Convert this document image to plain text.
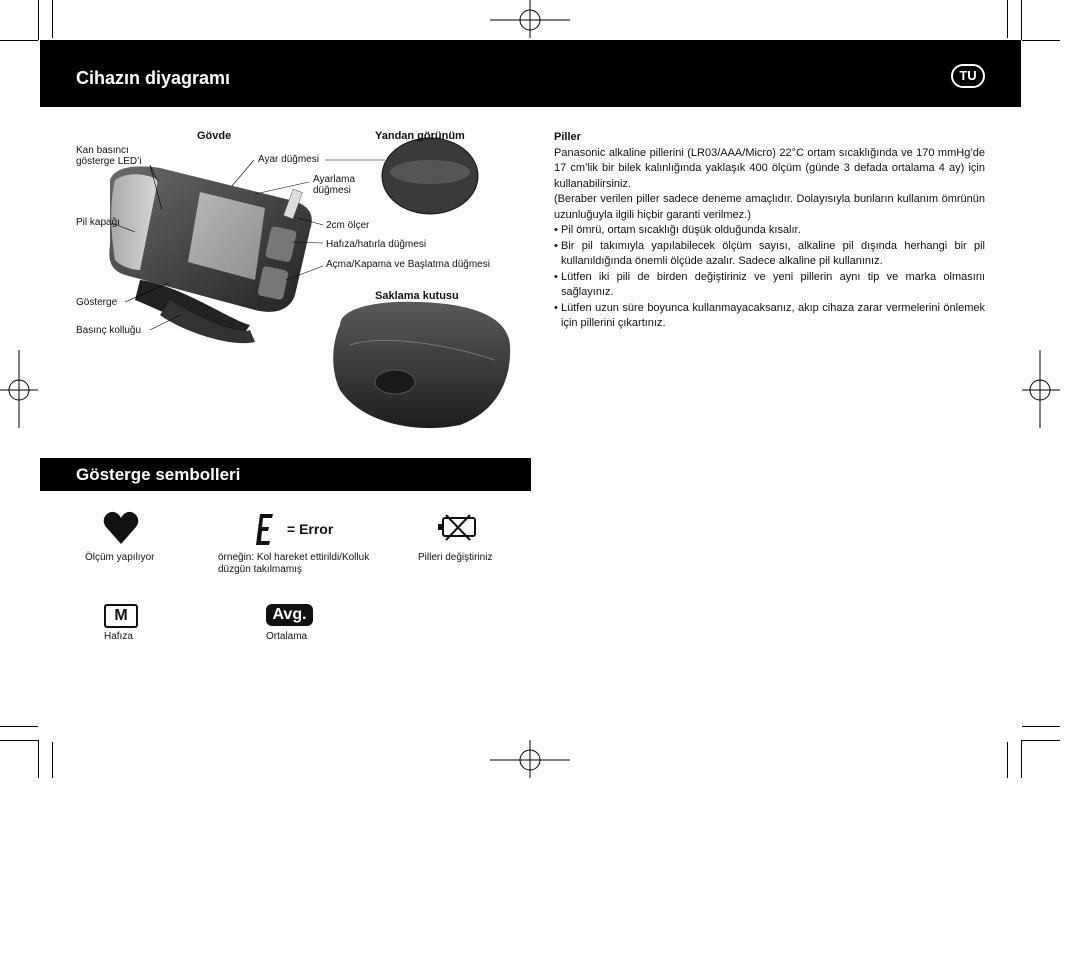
Cihazın diyagramı	TU
Gövde	Yandan görünüm
Kan basıncı
gösterge LED’i	Ayar düğmesi
Ayarlama
düğmesi
Pil kapağı	2cm ölçer
Hafıza/hatırla düğmesi
Açma/Kapama ve Başlatma düğmesi
Saklama kutusu
Gösterge
Basınç kolluğu

Piller

Panasonic alkaline pillerini (LR03/AAA/Micro) 22°C ortam sıcaklığında ve 170 mmHg’de 17 cm’lik bir bilek kalınlığında yaklaşık 400 ölçüm (günde 3 defada ortalama 4 ay) için kullanabilirsiniz.

(Beraber verilen piller sadece deneme amaçlıdır. Dolayısıyla bunların kullanım ömrünün uzunluğuyla ilgili hiçbir garanti verilmez.)

• Pil ömrü, ortam sıcaklığı düşük olduğunda kısalır.
• Bir pil takımıyla yapılabilecek ölçüm sayısı, alkaline pil dışında herhangi bir pil kullanıldığında önemli ölçüde azalır. Sadece alkaline pil kullanınız.
• Lütfen iki pili de birden değiştiriniz ve yeni pillerin aynı tip ve marka olmasını sağlayınız.
• Lütfen uzun süre boyunca kullanmayacaksanız, akıp cihaza zarar vermelerini önlemek için pillerini çıkartınız.
Gösterge sembolleri
Ölçüm yapılıyor
= Error
örneğin: Kol hareket ettirildi/Kolluk
düzgün takılmamış
Pilleri değiştiriniz
M
Hafıza
Avg.
Ortalama
